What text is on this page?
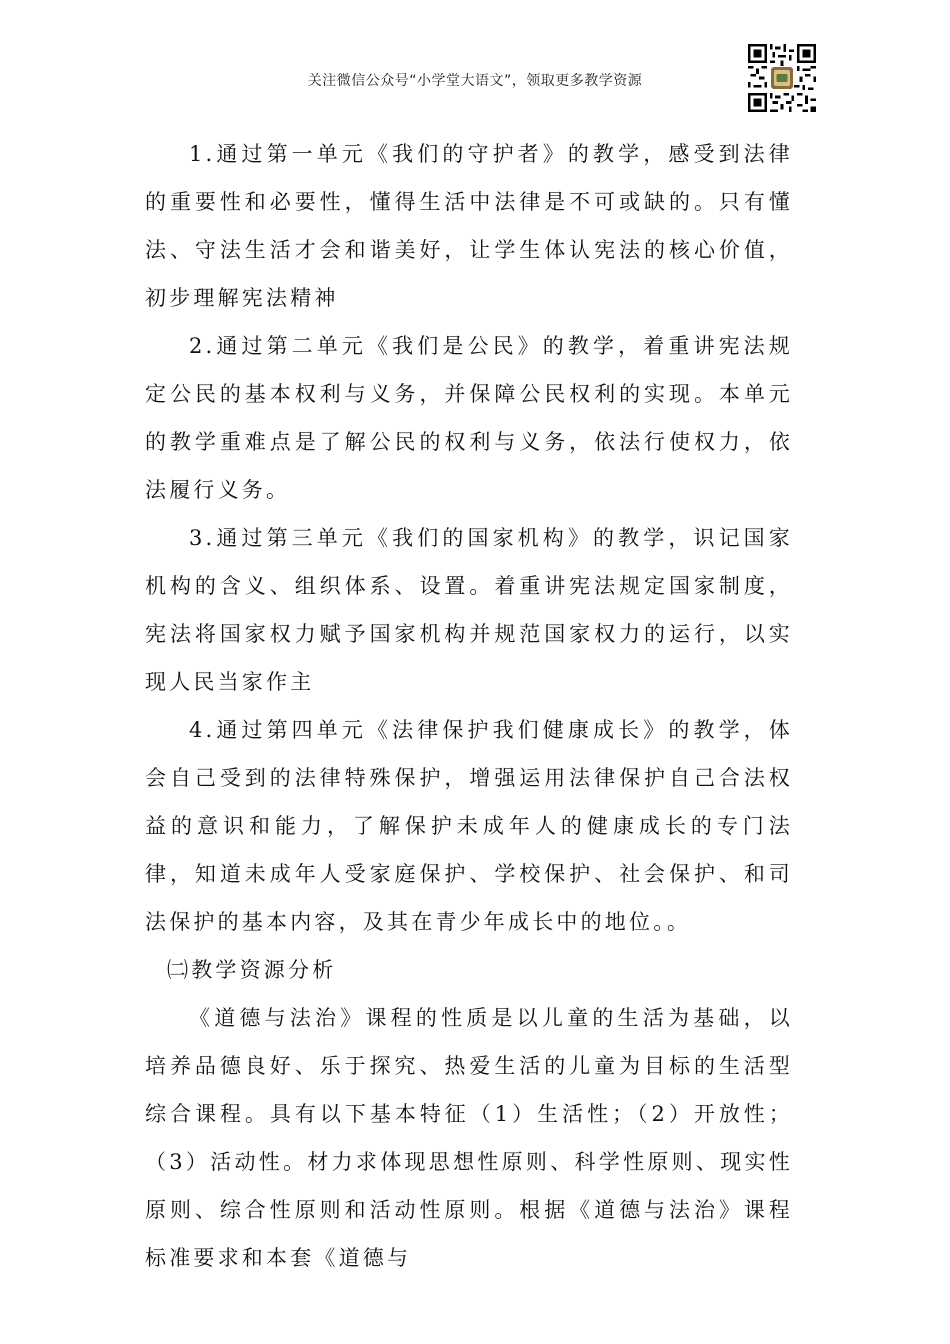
关注微信公众号“小学堂大语文”，领取更多教学资源

1.通过第一单元《我们的守护者》的教学，感受到法律的重要性和必要性，懂得生活中法律是不可或缺的。只有懂法、守法生活才会和谐美好，让学生体认宪法的核心价值，初步理解宪法精神

2.通过第二单元《我们是公民》的教学，着重讲宪法规定公民的基本权利与义务，并保障公民权利的实现。本单元的教学重难点是了解公民的权利与义务，依法行使权力，依法履行义务。

3.通过第三单元《我们的国家机构》的教学，识记国家机构的含义、组织体系、设置。着重讲宪法规定国家制度，宪法将国家权力赋予国家机构并规范国家权力的运行，以实现人民当家作主

4.通过第四单元《法律保护我们健康成长》的教学，体会自己受到的法律特殊保护，增强运用法律保护自己合法权益的意识和能力，了解保护未成年人的健康成长的专门法律，知道未成年人受家庭保护、学校保护、社会保护、和司法保护的基本内容，及其在青少年成长中的地位。。

㈡教学资源分析

《道德与法治》课程的性质是以儿童的生活为基础，以培养品德良好、乐于探究、热爱生活的儿童为目标的生活型综合课程。具有以下基本特征（1）生活性；（2）开放性；（3）活动性。材力求体现思想性原则、科学性原则、现实性原则、综合性原则和活动性原则。根据《道德与法治》课程标准要求和本套《道德与
